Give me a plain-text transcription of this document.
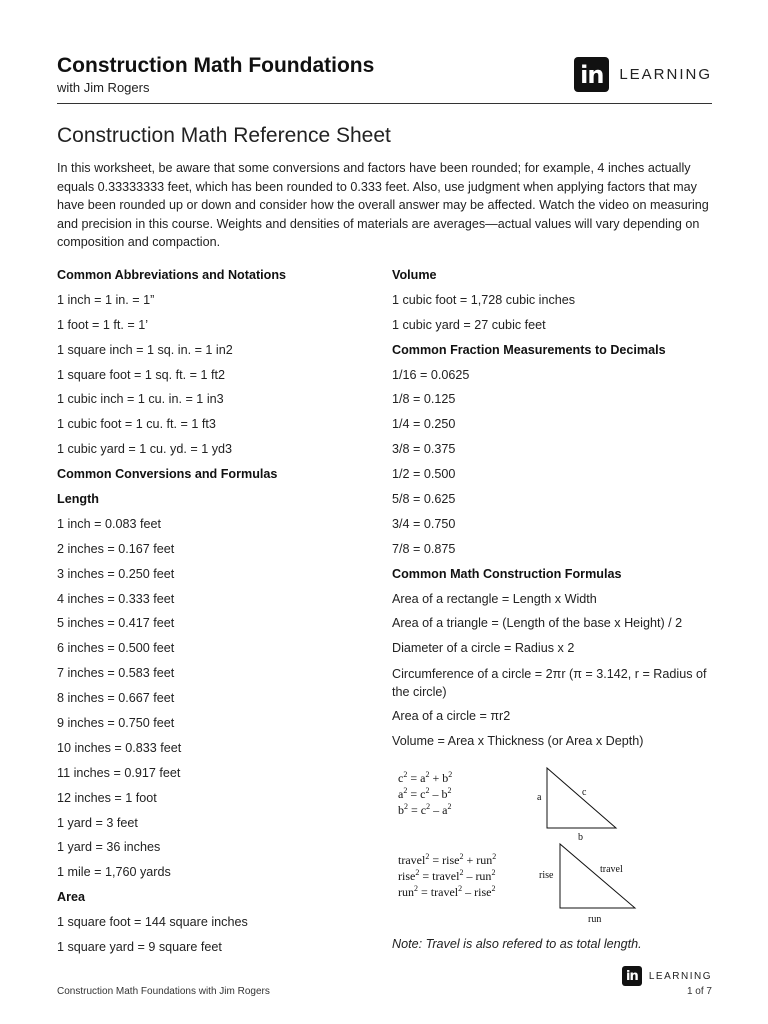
Construction Math Foundations
with Jim Rogers	in	LEARNING
Construction Math Reference Sheet
In this worksheet, be aware that some conversions and factors have been rounded; for example, 4 inches actually equals 0.33333333 feet, which has been rounded to 0.333 feet. Also, use judgment when applying factors that may have been rounded up or down and consider how the overall answer may be affected. Watch the video on measuring and precision in this course. Weights and densities of materials are averages—actual values will vary depending on composition and compaction.
Common Abbreviations and Notations
1 inch = 1 in. = 1”
1 foot = 1 ft. = 1’
1 square inch = 1 sq. in. = 1 in2
1 square foot = 1 sq. ft. = 1 ft2
1 cubic inch = 1 cu. in. = 1 in3
1 cubic foot = 1 cu. ft. = 1 ft3
1 cubic yard = 1 cu. yd. = 1 yd3
Common Conversions and Formulas
Length
1 inch = 0.083 feet
2 inches = 0.167 feet
3 inches = 0.250 feet
4 inches = 0.333 feet
5 inches = 0.417 feet
6 inches = 0.500 feet
7 inches = 0.583 feet
8 inches = 0.667 feet
9 inches = 0.750 feet
10 inches = 0.833 feet
11 inches = 0.917 feet
12 inches = 1 foot
1 yard = 3 feet
1 yard = 36 inches
1 mile = 1,760 yards
Area
1 square foot = 144 square inches
1 square yard = 9 square feet
Volume
1 cubic foot = 1,728 cubic inches
1 cubic yard = 27 cubic feet
Common Fraction Measurements to Decimals
1/16 = 0.0625
1/8 = 0.125
1/4 = 0.250
3/8 = 0.375
1/2 = 0.500
5/8 = 0.625
3/4 = 0.750
7/8 = 0.875
Common Math Construction Formulas
Area of a rectangle = Length x Width
Area of a triangle = (Length of the base x Height) / 2
Diameter of a circle = Radius x 2
Circumference of a circle = 2πr (π = 3.142, r = Radius of the circle)
Area of a circle = πr2
Volume = Area x Thickness (or Area x Depth)
$c^2 = a^2 + b^2$
$a^2 = c^2 - b^2$
$b^2 = c^2 - a^2$
a
b
c
travel$^2$ = rise$^2$ + run$^2$
rise$^2$ = travel$^2$ – run$^2$
run$^2$ = travel$^2$ – rise$^2$
rise
run
travel
Note: Travel is also refered to as total length.
Construction Math Foundations with Jim Rogers
in	LEARNING
1 of 7
